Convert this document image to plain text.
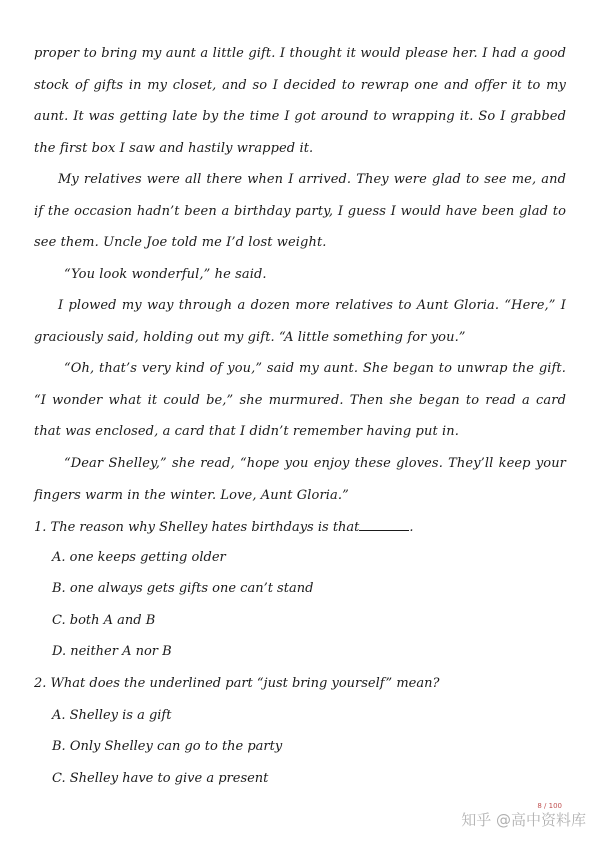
proper to bring my aunt a little gift. I thought it would please her. I had a good stock of gifts in my closet, and so I decided to rewrap one and offer it to my aunt. It was getting late by the time I got around to wrapping it. So I grabbed the first box I saw and hastily wrapped it.

My relatives were all there when I arrived. They were glad to see me, and if the occasion hadn’t been a birthday party, I guess I would have been glad to see them. Uncle Joe told me I’d lost weight.

“You look wonderful,” he said.

I plowed my way through a dozen more relatives to Aunt Gloria. “Here,” I graciously said, holding out my gift. “A little something for you.”

“Oh, that’s very kind of you,” said my aunt. She began to unwrap the gift. “I wonder what it could be,” she murmured. Then she began to read a card that was enclosed, a card that I didn’t remember having put in.

“Dear Shelley,” she read, “hope you enjoy these gloves. They’ll keep your fingers warm in the winter. Love, Aunt Gloria.”

1. The reason why Shelley hates birthdays is that	.

A. one keeps getting older

B. one always gets gifts one can’t stand

C. both A and B

D. neither A nor B

2. What does the underlined part “just bring yourself” mean?

A. Shelley is a gift

B. Only Shelley can go to the party

C. Shelley have to give a present

8 / 100
知乎 @高中资料库
